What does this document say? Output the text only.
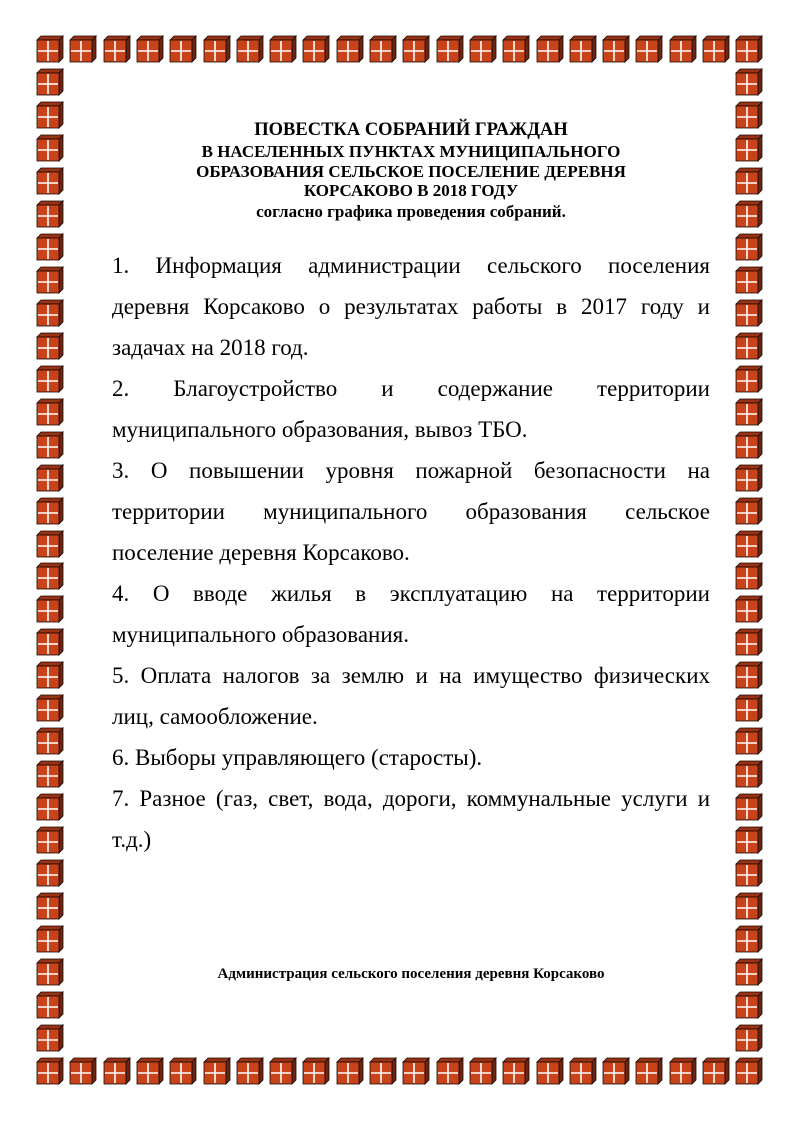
ПОВЕСТКА СОБРАНИЙ ГРАЖДАН
В НАСЕЛЕННЫХ ПУНКТАХ МУНИЦИПАЛЬНОГО
ОБРАЗОВАНИЯ СЕЛЬСКОЕ ПОСЕЛЕНИЕ ДЕРЕВНЯ
КОРСАКОВО В 2018 ГОДУ
согласно графика проведения собраний.

1. Информация администрации сельского поселения деревня Корсаково о результатах работы в 2017 году и задачах на 2018 год.

2. Благоустройство и содержание территории муниципального образования, вывоз ТБО.

3. О повышении уровня пожарной безопасности на территории муниципального образования сельское поселение деревня Корсаково.

4. О вводе жилья в эксплуатацию на территории муниципального образования.

5. Оплата налогов за землю и на имущество физических лиц, самообложение.

6. Выборы управляющего (старосты).

7. Разное (газ, свет, вода, дороги, коммунальные услуги и т.д.)

Администрация сельского поселения деревня Корсаково
